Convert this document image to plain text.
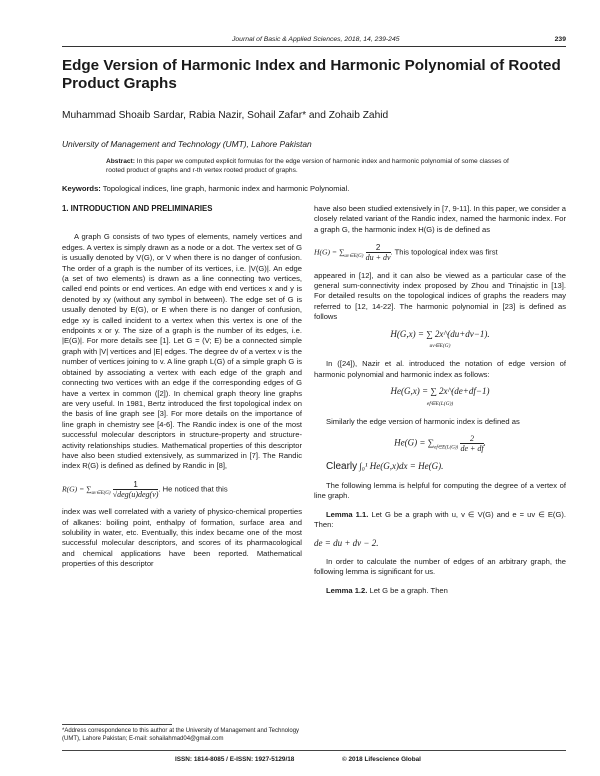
Journal of Basic & Applied Sciences, 2018, 14, 239-245	239
Edge Version of Harmonic Index and Harmonic Polynomial of Rooted Product Graphs
Muhammad Shoaib Sardar, Rabia Nazir, Sohail Zafar* and Zohaib Zahid
University of Management and Technology (UMT), Lahore Pakistan
Abstract: In this paper we computed explicit formulas for the edge version of harmonic index and harmonic polynomial of some classes of rooted product of graphs and r-th vertex rooted product of graphs.
Keywords: Topological indices, line graph, harmonic index and harmonic Polynomial.

1. INTRODUCTION AND PRELIMINARIES

A graph G consists of two types of elements, namely vertices and edges. A vertex is simply drawn as a node or a dot. The vertex set of G is usually denoted by V(G), or V when there is no danger of confusion. The order of a graph is the number of its vertices, i.e. |V(G)|. An edge (a set of two elements) is drawn as a line connecting two vertices, called end points or end vertices. An edge with end vertices x and y is denoted by xy (without any symbol in between). The edge set of G is usually denoted by E(G), or E when there is no danger of confusion, edge xy is called incident to a vertex when this vertex is one of the endpoints x or y. The size of a graph is the number of its edges, i.e. |E(G)|. For more details see [1]. Let G = (V; E) be a connected simple graph with |V| vertices and |E| edges. The degree dv of a vertex v is the number of vertices joining to v. A line graph L(G) of a simple graph G is obtained by associating a vertex with each edge of the graph and connecting two vertices with an edge if the corresponding edges of G have a vertex in common ([2]). In chemical graph theory line graphs are very useful. In 1981, Bertz introduced the first topological index on the basis of line graph see [3]. For more details on the importance of line graph in chemistry see [4-6]. The Randic index is one of the most successful molecular descriptors in structure-property and structure-activity relationships studies. Mathematical properties of this descriptor have also been studied extensively, as summarized in [7]. The Randic index R(G) is defined as defined by Randic in [8],

$R(G) = \sum_{uv\in E(G)} \frac{1}{\text{√deg(u)deg(v)}}$ . He noticed that this

index was well correlated with a variety of physico-chemical properties of alkanes: boiling point, enthalpy of formation, surface area and solubility in water, etc. Eventually, this index became one of the most successful molecular descriptors, and scores of its pharmacological and chemical applications have been reported. Mathematical properties of this descriptor

have also been studied extensively in [7, 9-11]. In this paper, we consider a closely related variant of the Randic index, named the harmonic index. For a graph G, the harmonic index H(G) is de defined as

$H(G) = \sum_{uv\in E(G)} \frac{2}{du + dv}$ . This topological index was first

appeared in [12], and it can also be viewed as a particular case of the general sum-connectivity index proposed by Zhou and Trinajstic in [13]. For detailed results on the topological indices of graphs the readers may referred to [12, 14-22]. The harmonic polynomial in [23] is defined as follows

H(G,x) = ∑ 2x^(du+dv−1).
uv∈E(G)

In ([24]), Nazir et al. introduced the notation of edge version of harmonic polynomial and harmonic index as follows:

He(G,x) = ∑ 2x^(de+df−1)
ef∈E(L(G))

Similarly the edge version of harmonic index is defined as

$He(G) = \sum_{ef\in E(L(G))} \frac{2}{de + df}$ .

Clearly ∫₀¹ He(G,x)dx = He(G).

The following lemma is helpful for computing the degree of a vertex of line graph.

Lemma 1.1. Let G be a graph with u, v ∈ V(G) and e = uv ∈ E(G). Then:

de = du + dv − 2.

In order to calculate the number of edges of an arbitrary graph, the following lemma is significant for us.

Lemma 1.2. Let G be a graph. Then

*Address correspondence to this author at the University of Management and Technology (UMT), Lahore Pakistan; E-mail: sohailahmad04@gmail.com
ISSN: 1814-8085 / E-ISSN: 1927-5129/18	© 2018 Lifescience Global
